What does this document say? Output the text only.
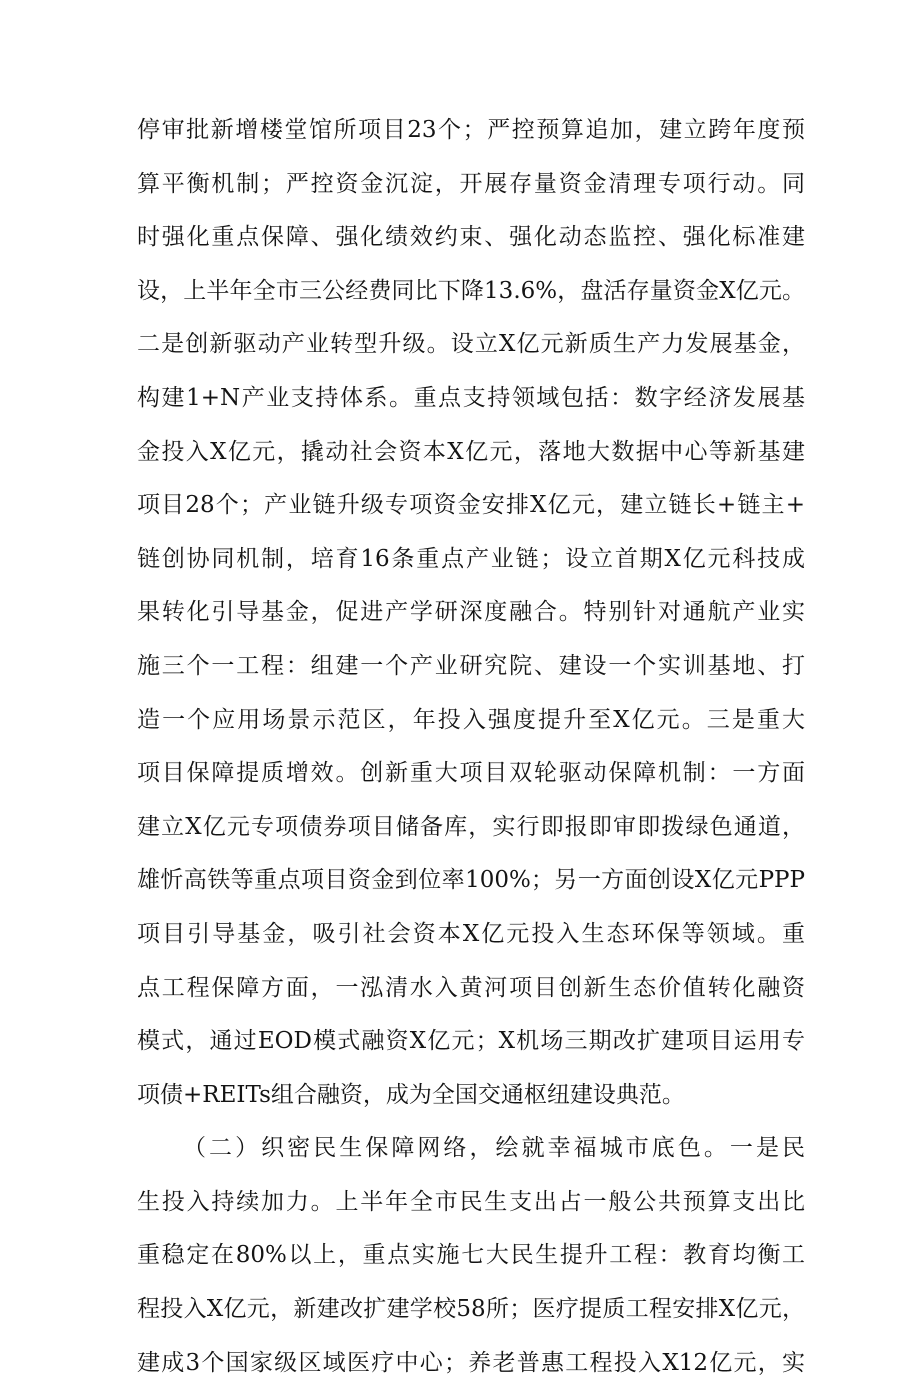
停审批新增楼堂馆所项目23个；严控预算追加，建立跨年度预
算平衡机制；严控资金沉淀，开展存量资金清理专项行动。同
时强化重点保障、强化绩效约束、强化动态监控、强化标准建
设，上半年全市三公经费同比下降13.6%，盘活存量资金X亿元。
二是创新驱动产业转型升级。设立X亿元新质生产力发展基金，
构建1+N产业支持体系。重点支持领域包括：数字经济发展基
金投入X亿元，撬动社会资本X亿元，落地大数据中心等新基建
项目28个；产业链升级专项资金安排X亿元，建立链长+链主+
链创协同机制，培育16条重点产业链；设立首期X亿元科技成
果转化引导基金，促进产学研深度融合。特别针对通航产业实
施三个一工程：组建一个产业研究院、建设一个实训基地、打
造一个应用场景示范区，年投入强度提升至X亿元。三是重大
项目保障提质增效。创新重大项目双轮驱动保障机制：一方面
建立X亿元专项债券项目储备库，实行即报即审即拨绿色通道，
雄忻高铁等重点项目资金到位率100%；另一方面创设X亿元PPP
项目引导基金，吸引社会资本X亿元投入生态环保等领域。重
点工程保障方面，一泓清水入黄河项目创新生态价值转化融资
模式，通过EOD模式融资X亿元；X机场三期改扩建项目运用专
项债+REITs组合融资，成为全国交通枢纽建设典范。
（二）织密民生保障网络，绘就幸福城市底色。一是民
生投入持续加力。上半年全市民生支出占一般公共预算支出比
重稳定在80%以上，重点实施七大民生提升工程：教育均衡工
程投入X亿元，新建改扩建学校58所；医疗提质工程安排X亿元，
建成3个国家级区域医疗中心；养老普惠工程投入X12亿元，实
